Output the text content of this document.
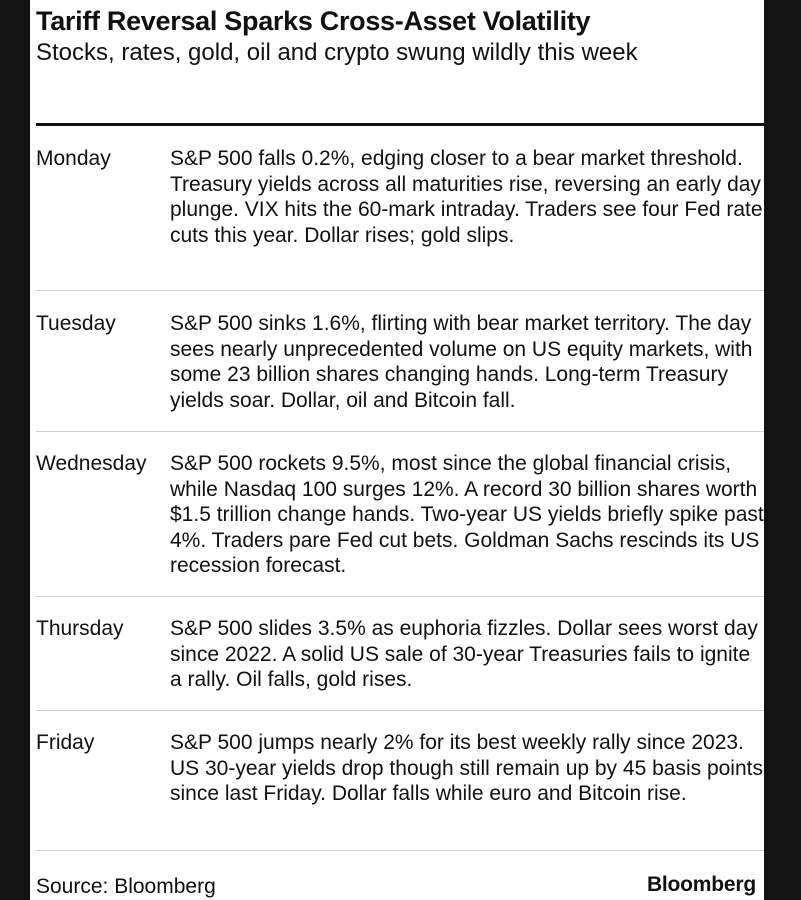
Tariff Reversal Sparks Cross-Asset Volatility

Stocks, rates, gold, oil and crypto swung wildly this week

Monday	S&P 500 falls 0.2%, edging closer to a bear market threshold. Treasury yields across all maturities rise, reversing an early day plunge. VIX hits the 60-mark intraday. Traders see four Fed rate cuts this year. Dollar rises; gold slips.
Tuesday	S&P 500 sinks 1.6%, flirting with bear market territory. The day sees nearly unprecedented volume on US equity markets, with some 23 billion shares changing hands. Long-term Treasury yields soar. Dollar, oil and Bitcoin fall.
Wednesday	S&P 500 rockets 9.5%, most since the global financial crisis, while Nasdaq 100 surges 12%. A record 30 billion shares worth $1.5 trillion change hands. Two-year US yields briefly spike past 4%. Traders pare Fed cut bets. Goldman Sachs rescinds its US recession forecast.
Thursday	S&P 500 slides 3.5% as euphoria fizzles. Dollar sees worst day since 2022. A solid US sale of 30-year Treasuries fails to ignite a rally. Oil falls, gold rises.
Friday	S&P 500 jumps nearly 2% for its best weekly rally since 2023. US 30-year yields drop though still remain up by 45 basis points since last Friday. Dollar falls while euro and Bitcoin rise.
Source: Bloomberg	Bloomberg
